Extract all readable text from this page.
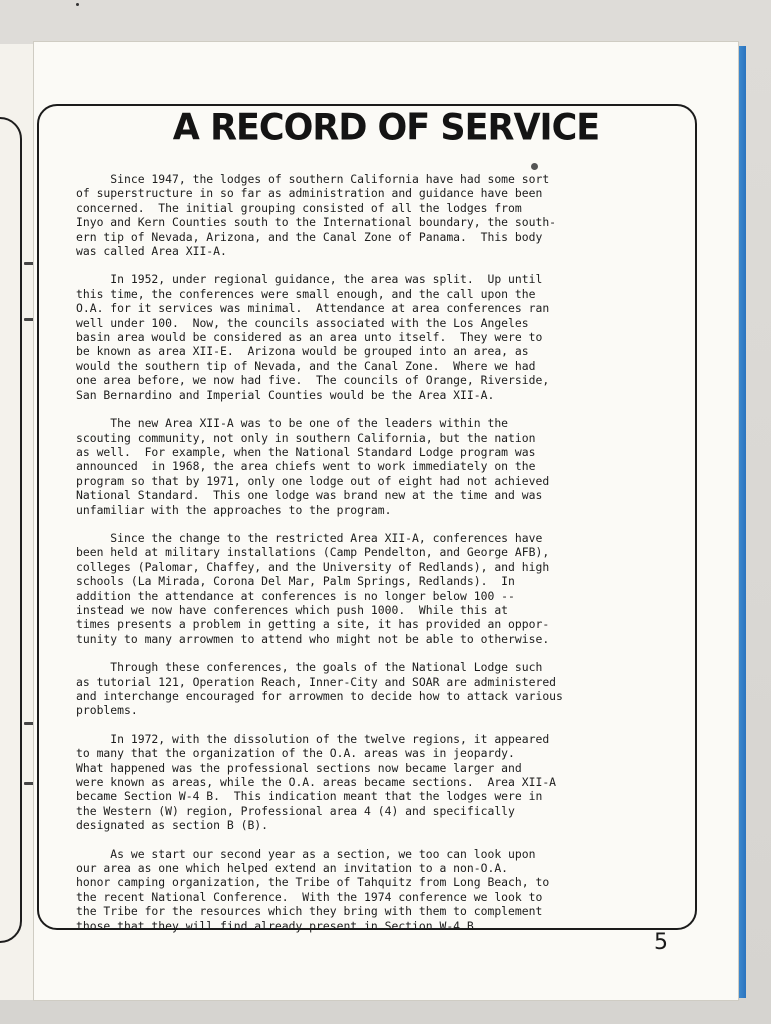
A RECORD OF SERVICE
Since 1947, the lodges of southern California have had some sort
of superstructure in so far as administration and guidance have been
concerned.  The initial grouping consisted of all the lodges from
Inyo and Kern Counties south to the International boundary, the south-
ern tip of Nevada, Arizona, and the Canal Zone of Panama.  This body
was called Area XII-A.
In 1952, under regional guidance, the area was split.  Up until
this time, the conferences were small enough, and the call upon the
O.A. for it services was minimal.  Attendance at area conferences ran
well under 100.  Now, the councils associated with the Los Angeles
basin area would be considered as an area unto itself.  They were to
be known as area XII-E.  Arizona would be grouped into an area, as
would the southern tip of Nevada, and the Canal Zone.  Where we had
one area before, we now had five.  The councils of Orange, Riverside,
San Bernardino and Imperial Counties would be the Area XII-A.
The new Area XII-A was to be one of the leaders within the
scouting community, not only in southern California, but the nation
as well.  For example, when the National Standard Lodge program was
announced  in 1968, the area chiefs went to work immediately on the
program so that by 1971, only one lodge out of eight had not achieved
National Standard.  This one lodge was brand new at the time and was
unfamiliar with the approaches to the program.
Since the change to the restricted Area XII-A, conferences have
been held at military installations (Camp Pendelton, and George AFB),
colleges (Palomar, Chaffey, and the University of Redlands), and high
schools (La Mirada, Corona Del Mar, Palm Springs, Redlands).  In
addition the attendance at conferences is no longer below 100 --
instead we now have conferences which push 1000.  While this at
times presents a problem in getting a site, it has provided an oppor-
tunity to many arrowmen to attend who might not be able to otherwise.
Through these conferences, the goals of the National Lodge such
as tutorial 121, Operation Reach, Inner-City and SOAR are administered
and interchange encouraged for arrowmen to decide how to attack various
problems.
In 1972, with the dissolution of the twelve regions, it appeared
to many that the organization of the O.A. areas was in jeopardy.
What happened was the professional sections now became larger and
were known as areas, while the O.A. areas became sections.  Area XII-A
became Section W-4 B.  This indication meant that the lodges were in
the Western (W) region, Professional area 4 (4) and specifically
designated as section B (B).
As we start our second year as a section, we too can look upon
our area as one which helped extend an invitation to a non-O.A.
honor camping organization, the Tribe of Tahquitz from Long Beach, to
the recent National Conference.  With the 1974 conference we look to
the Tribe for the resources which they bring with them to complement
those that they will find already present in Section W-4 B.
5
